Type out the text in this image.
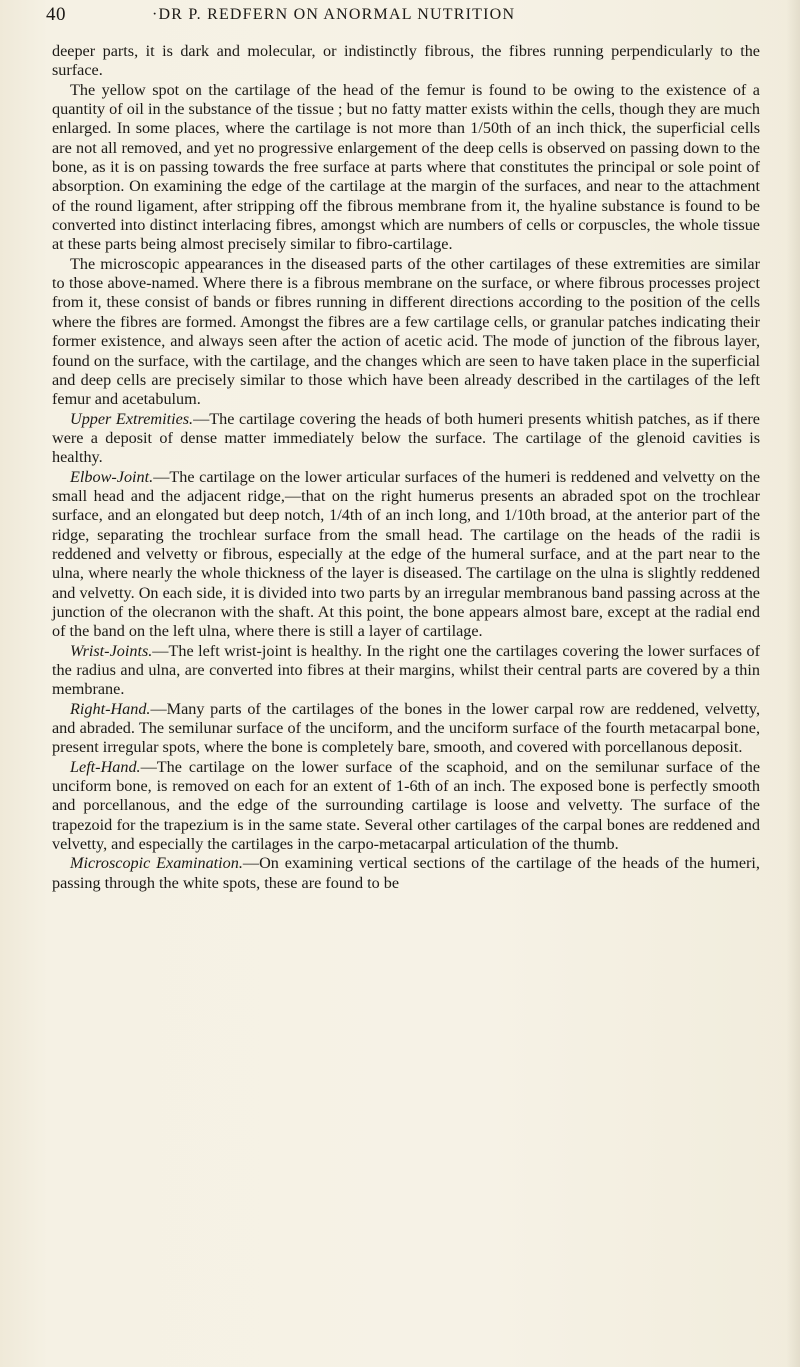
40	·DR P. REDFERN ON ANORMAL NUTRITION

deeper parts, it is dark and molecular, or indistinctly fibrous, the fibres running perpendicularly to the surface.

The yellow spot on the cartilage of the head of the femur is found to be owing to the existence of a quantity of oil in the substance of the tissue ; but no fatty matter exists within the cells, though they are much enlarged. In some places, where the cartilage is not more than 1/50th of an inch thick, the superficial cells are not all removed, and yet no progressive enlargement of the deep cells is observed on passing down to the bone, as it is on passing towards the free surface at parts where that constitutes the principal or sole point of absorption. On examining the edge of the cartilage at the margin of the surfaces, and near to the attachment of the round ligament, after stripping off the fibrous membrane from it, the hyaline substance is found to be converted into distinct interlacing fibres, amongst which are numbers of cells or corpuscles, the whole tissue at these parts being almost precisely similar to fibro-cartilage.

The microscopic appearances in the diseased parts of the other cartilages of these extremities are similar to those above-named. Where there is a fibrous membrane on the surface, or where fibrous processes project from it, these consist of bands or fibres running in different directions according to the position of the cells where the fibres are formed. Amongst the fibres are a few cartilage cells, or granular patches indicating their former existence, and always seen after the action of acetic acid. The mode of junction of the fibrous layer, found on the surface, with the cartilage, and the changes which are seen to have taken place in the superficial and deep cells are precisely similar to those which have been already described in the cartilages of the left femur and acetabulum.

Upper Extremities.—The cartilage covering the heads of both humeri presents whitish patches, as if there were a deposit of dense matter immediately below the surface. The cartilage of the glenoid cavities is healthy.

Elbow-Joint.—The cartilage on the lower articular surfaces of the humeri is reddened and velvetty on the small head and the adjacent ridge,—that on the right humerus presents an abraded spot on the trochlear surface, and an elongated but deep notch, 1/4th of an inch long, and 1/10th broad, at the anterior part of the ridge, separating the trochlear surface from the small head. The cartilage on the heads of the radii is reddened and velvetty or fibrous, especially at the edge of the humeral surface, and at the part near to the ulna, where nearly the whole thickness of the layer is diseased. The cartilage on the ulna is slightly reddened and velvetty. On each side, it is divided into two parts by an irregular membranous band passing across at the junction of the olecranon with the shaft. At this point, the bone appears almost bare, except at the radial end of the band on the left ulna, where there is still a layer of cartilage.

Wrist-Joints.—The left wrist-joint is healthy. In the right one the cartilages covering the lower surfaces of the radius and ulna, are converted into fibres at their margins, whilst their central parts are covered by a thin membrane.

Right-Hand.—Many parts of the cartilages of the bones in the lower carpal row are reddened, velvetty, and abraded. The semilunar surface of the unciform, and the unciform surface of the fourth metacarpal bone, present irregular spots, where the bone is completely bare, smooth, and covered with porcellanous deposit.

Left-Hand.—The cartilage on the lower surface of the scaphoid, and on the semilunar surface of the unciform bone, is removed on each for an extent of 1-6th of an inch. The exposed bone is perfectly smooth and porcellanous, and the edge of the surrounding cartilage is loose and velvetty. The surface of the trapezoid for the trapezium is in the same state. Several other cartilages of the carpal bones are reddened and velvetty, and especially the cartilages in the carpo-metacarpal articulation of the thumb.

Microscopic Examination.—On examining vertical sections of the cartilage of the heads of the humeri, passing through the white spots, these are found to be
